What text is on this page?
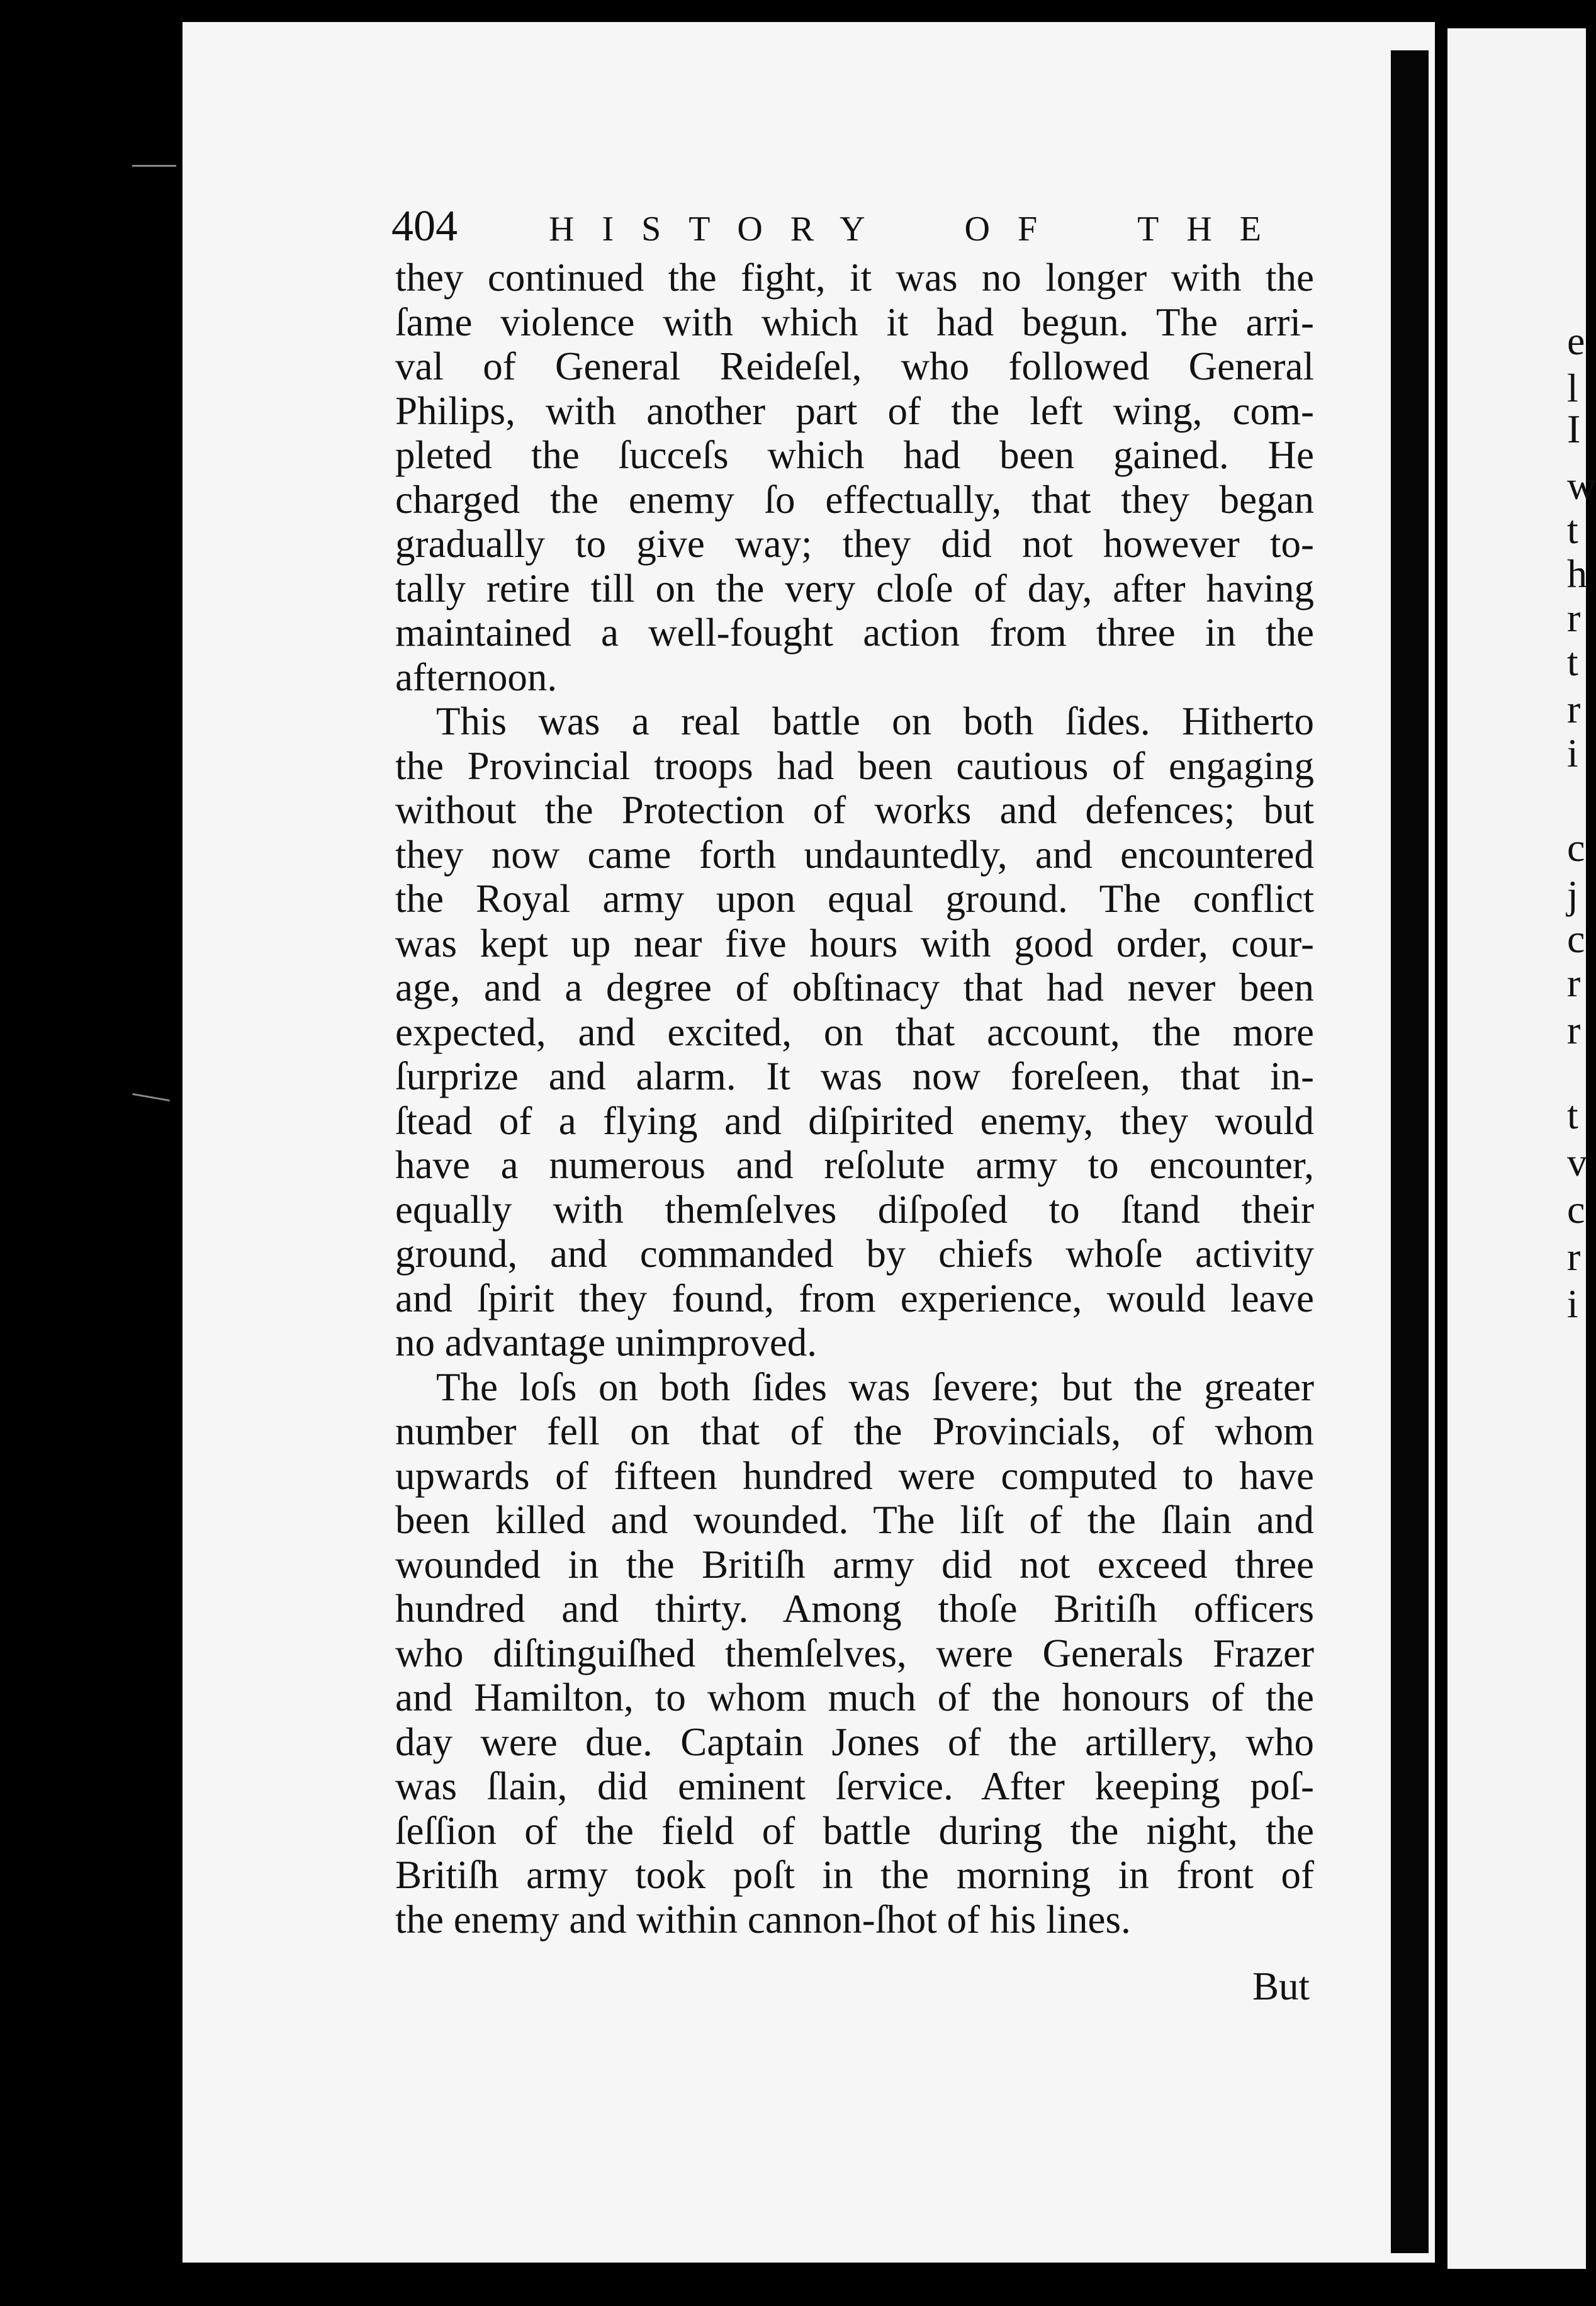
e
l
I
w
t
h
r
t
r
i
c
j
c
r
r
t
v
c
r
i
404	HISTORY  OF  THE
they continued the fight, it was no longer with the
ſame violence with which it had begun. The arri-
val of General Reideſel, who followed General
Philips, with another part of the left wing, com-
pleted the ſucceſs which had been gained. He
charged the enemy ſo effectually, that they began
gradually to give way; they did not however to-
tally retire till on the very cloſe of day, after having
maintained a well-fought action from three in the
afternoon.
This was a real battle on both ſides. Hitherto
the Provincial troops had been cautious of engaging
without the Protection of works and defences; but
they now came forth undauntedly, and encountered
the Royal army upon equal ground. The conflict
was kept up near five hours with good order, cour-
age, and a degree of obſtinacy that had never been
expected, and excited, on that account, the more
ſurprize and alarm. It was now foreſeen, that in-
ſtead of a flying and diſpirited enemy, they would
have a numerous and reſolute army to encounter,
equally with themſelves diſpoſed to ſtand their
ground, and commanded by chiefs whoſe activity
and ſpirit they found, from experience, would leave
no advantage unimproved.
The loſs on both ſides was ſevere; but the greater
number fell on that of the Provincials, of whom
upwards of fifteen hundred were computed to have
been killed and wounded. The liſt of the ſlain and
wounded in the Britiſh army did not exceed three
hundred and thirty. Among thoſe Britiſh officers
who diſtinguiſhed themſelves, were Generals Frazer
and Hamilton, to whom much of the honours of the
day were due. Captain Jones of the artillery, who
was ſlain, did eminent ſervice. After keeping poſ-
ſeſſion of the field of battle during the night, the
Britiſh army took poſt in the morning in front of
the enemy and within cannon-ſhot of his lines.
But
